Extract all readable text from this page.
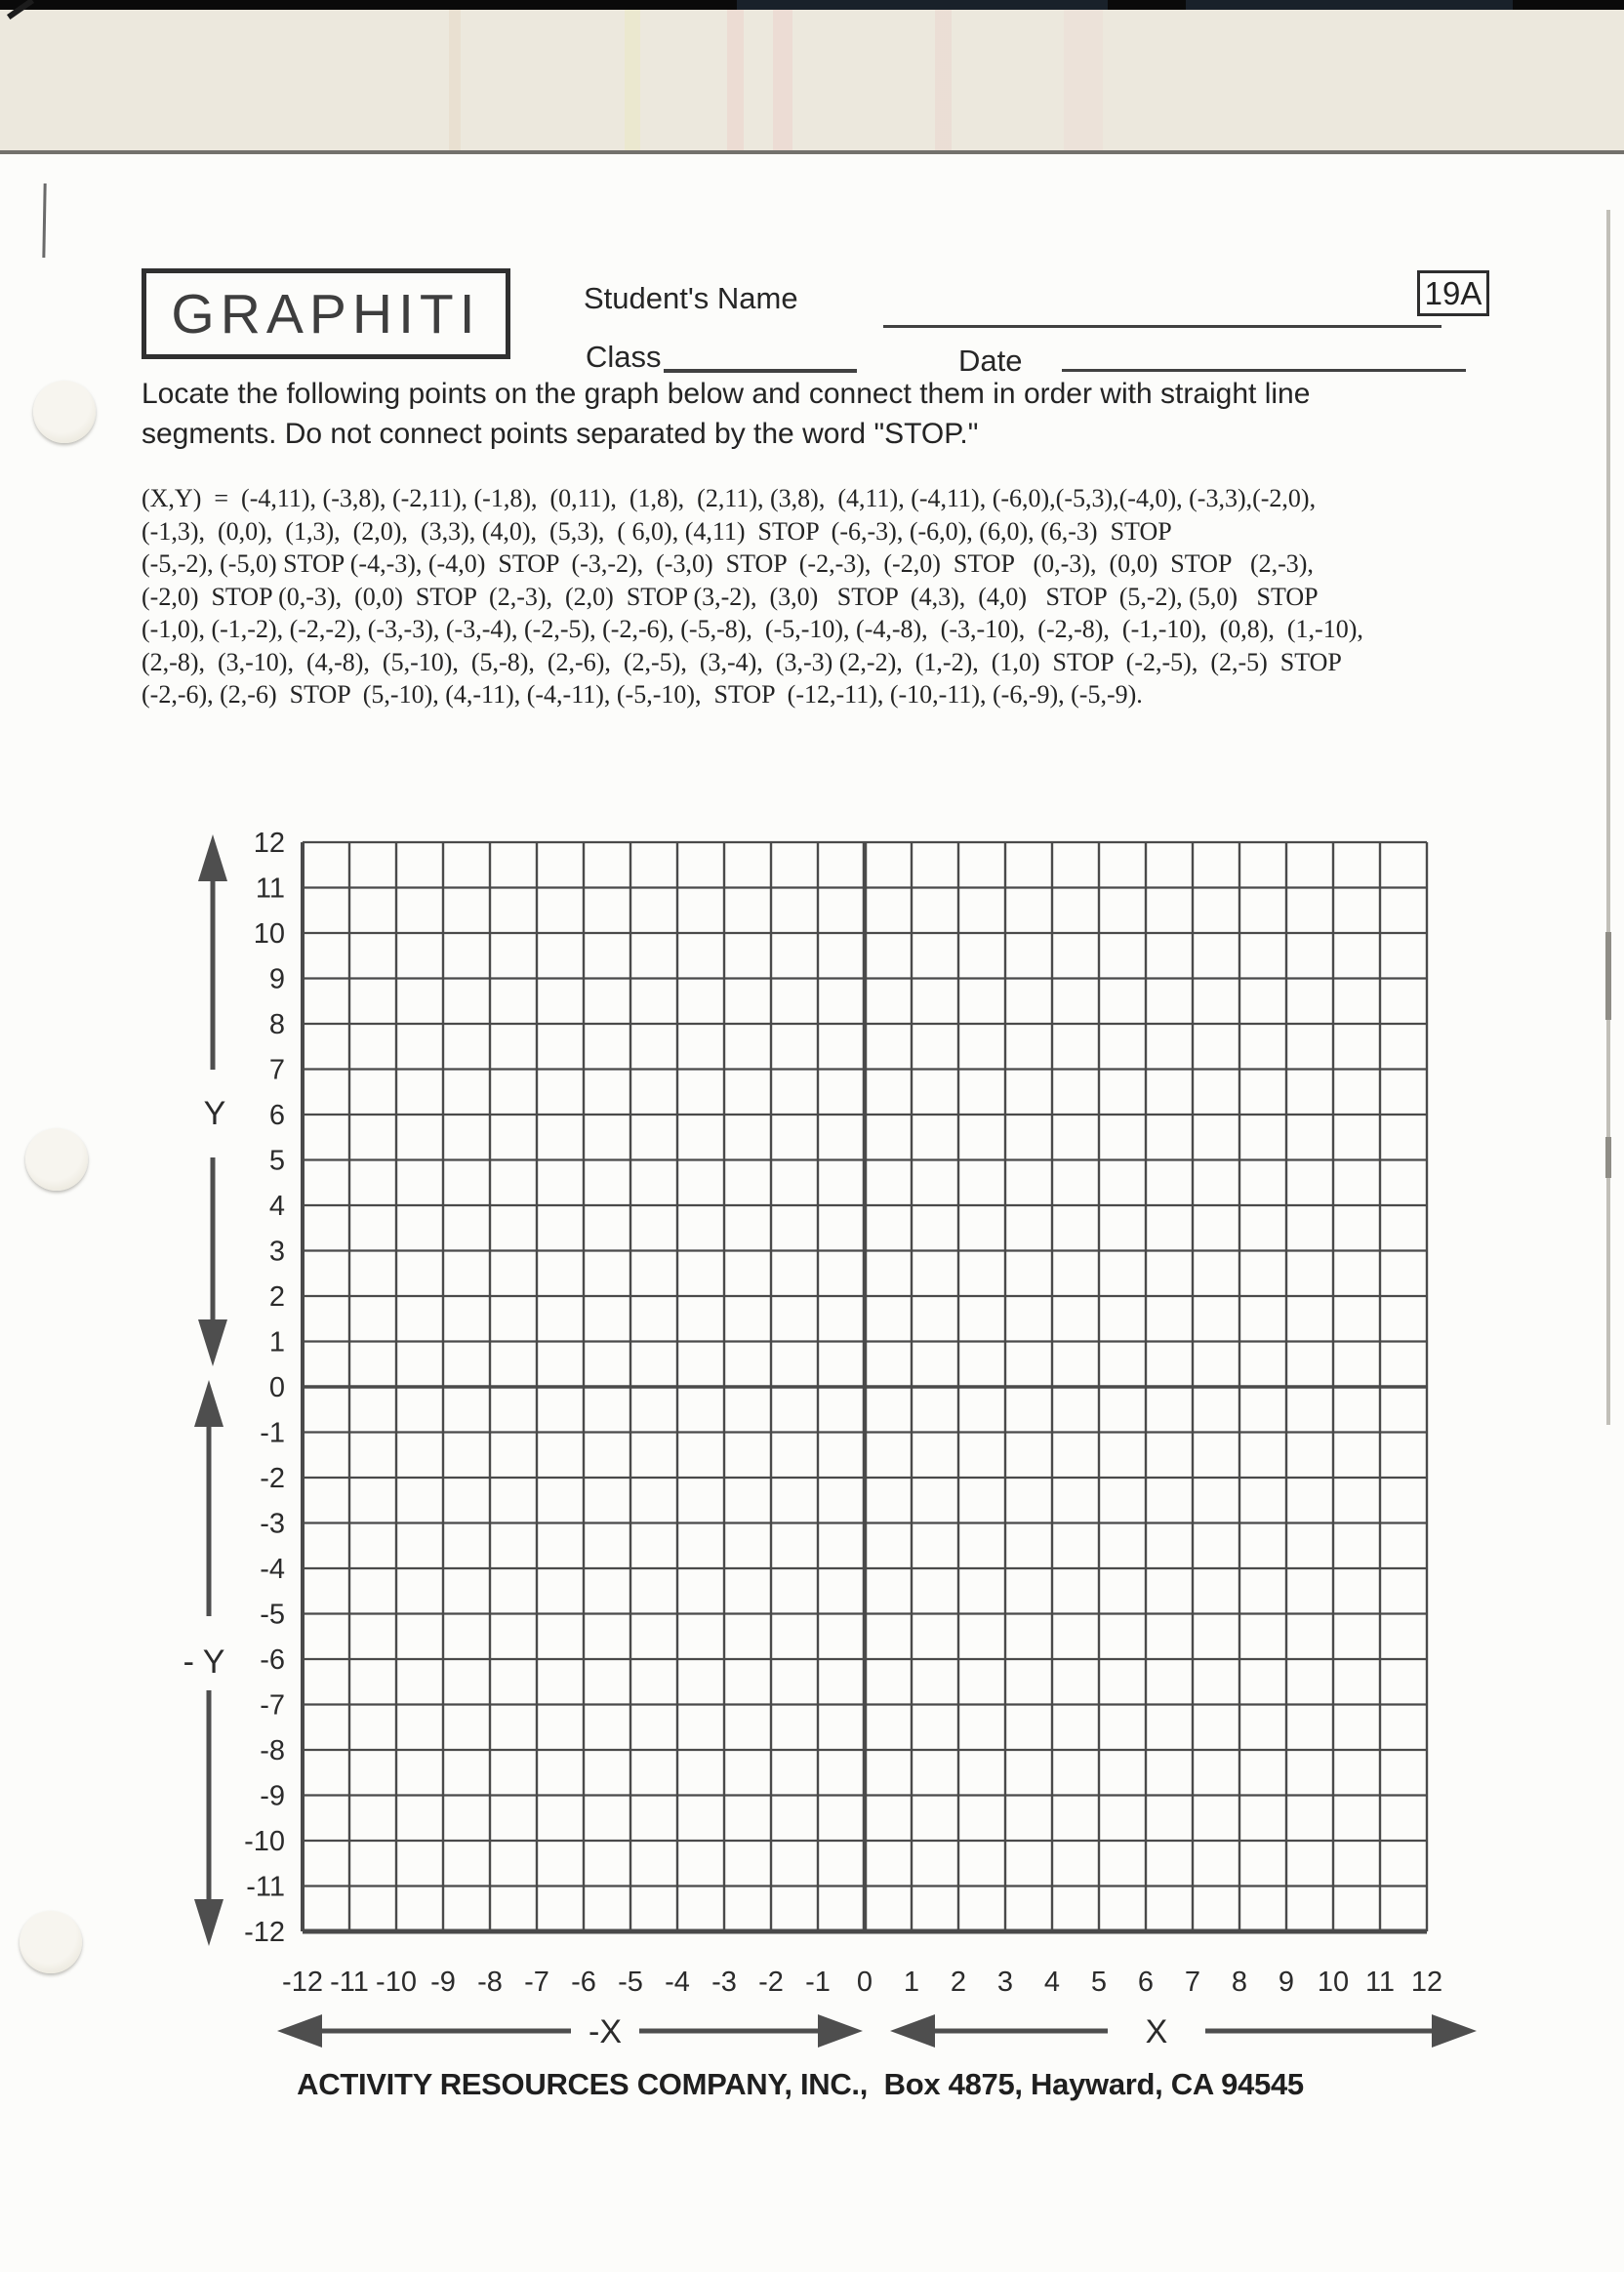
GRAPHITI	19A
Student's Name
Class	Date
Locate the following points on the graph below and connect them in order with straight line
segments. Do not connect points separated by the word "STOP."
(X,Y)  =  (-4,11), (-3,8), (-2,11), (-1,8),  (0,11),  (1,8),  (2,11), (3,8),  (4,11), (-4,11), (-6,0),(-5,3),(-4,0), (-3,3),(-2,0),
(-1,3),  (0,0),  (1,3),  (2,0),  (3,3), (4,0),  (5,3),  ( 6,0), (4,11)  STOP  (-6,-3), (-6,0), (6,0), (6,-3)  STOP
(-5,-2), (-5,0) STOP (-4,-3), (-4,0)  STOP  (-3,-2),  (-3,0)  STOP  (-2,-3),  (-2,0)  STOP   (0,-3),  (0,0)  STOP   (2,-3),
(-2,0)  STOP (0,-3),  (0,0)  STOP  (2,-3),  (2,0)  STOP (3,-2),  (3,0)   STOP  (4,3),  (4,0)   STOP  (5,-2), (5,0)   STOP
(-1,0), (-1,-2), (-2,-2), (-3,-3), (-3,-4), (-2,-5), (-2,-6), (-5,-8),  (-5,-10), (-4,-8),  (-3,-10),  (-2,-8),  (-1,-10),  (0,8),  (1,-10),
(2,-8),  (3,-10),  (4,-8),  (5,-10),  (5,-8),  (2,-6),  (2,-5),  (3,-4),  (3,-3) (2,-2),  (1,-2),  (1,0)  STOP  (-2,-5),  (2,-5)  STOP
(-2,-6), (2,-6)  STOP  (5,-10), (4,-11), (-4,-11), (-5,-10),  STOP  (-12,-11), (-10,-11), (-6,-9), (-5,-9).
12
11
10
9
8
7
6
5
4
3
2
1
0
-1
-2
-3
-4
-5
-6
-7
-8
-9
-10
-11
-12
-12 -11 -10 -9 -8 -7 -6 -5 -4 -3 -2 -1 0 1 2 3 4 5 6 7 8 9 10 11 12
Y
- Y
-X	X
ACTIVITY RESOURCES COMPANY, INC.,  Box 4875, Hayward, CA 94545
